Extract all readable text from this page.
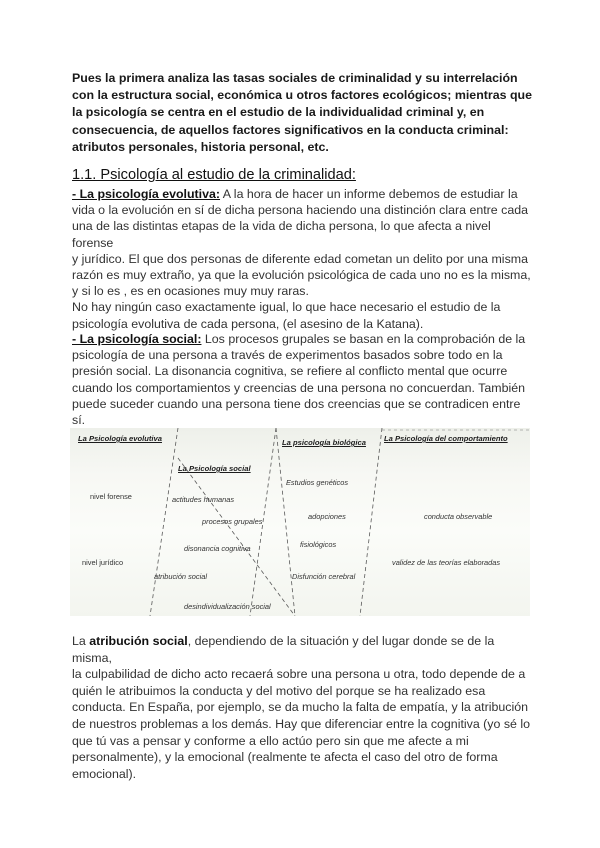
Pues la primera analiza las tasas sociales de criminalidad y su interrelación
con la estructura social, económica u otros factores ecológicos; mientras que
la psicología se centra en el estudio de la individualidad criminal y, en
consecuencia, de aquellos factores significativos en la conducta criminal:
atributos personales, historia personal, etc.
1.1. Psicología al estudio de la criminalidad:
- La psicología evolutiva: A la hora de hacer un informe debemos de estudiar la
vida o la evolución en sí de dicha persona haciendo una distinción clara entre cada
una de las distintas etapas de la vida de dicha persona, lo que afecta a nivel forense
y jurídico. El que dos personas de diferente edad cometan un delito por una misma
razón es muy extraño, ya que la evolución psicológica de cada uno no es la misma,
y si lo es , es en ocasiones muy muy raras.
No hay ningún caso exactamente igual, lo que hace necesario el estudio de la
psicología evolutiva de cada persona, (el asesino de la Katana).
- La psicología social: Los procesos grupales se basan en la comprobación de la
psicología de una persona a través de experimentos basados sobre todo en la
presión social. La disonancia cognitiva, se refiere al conflicto mental que ocurre
cuando los comportamientos y creencias de una persona no concuerdan. También
puede suceder cuando una persona tiene dos creencias que se contradicen entre sí.
La Psicología evolutiva
nivel forense
nivel jurídico
La Psicología social
actitudes humanas
procesos grupales
disonancia cognitiva
atribución social
desindividualización social
La psicología biológica
Estudios genéticos
adopciones
fisiológicos
Disfunción cerebral
La Psicología del comportamiento
conducta observable
validez de las teorías elaboradas
La atribución social, dependiendo de la situación y del lugar donde se de la misma,
la culpabilidad de dicho acto recaerá sobre una persona u otra, todo depende de a
quién le atribuimos la conducta y del motivo del porque se ha realizado esa
conducta. En España, por ejemplo, se da mucho la falta de empatía, y la atribución
de nuestros problemas a los demás. Hay que diferenciar entre la cognitiva (yo sé lo
que tú vas a pensar y conforme a ello actúo pero sin que me afecte a mi
personalmente), y la emocional (realmente te afecta el caso del otro de forma
emocional).
